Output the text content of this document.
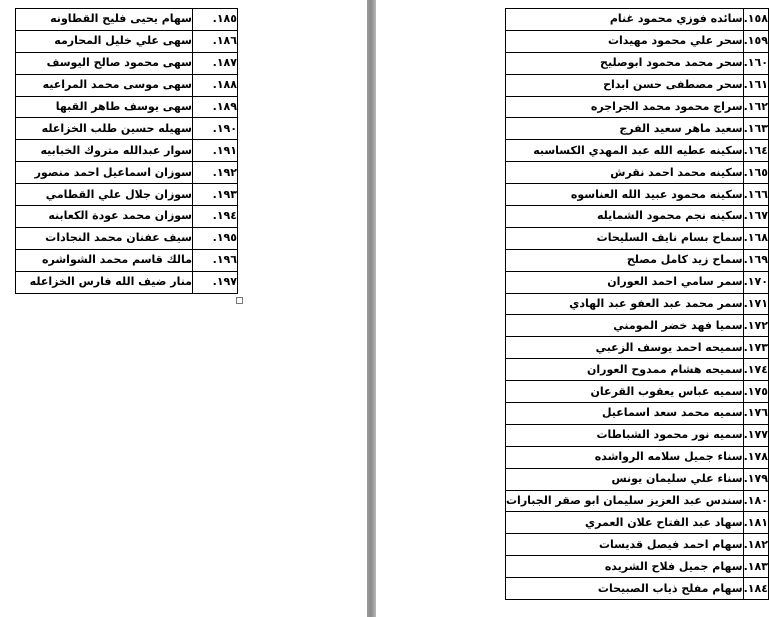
١٨٥.	سهام يحيى فليح القطاونه
١٨٦.	سهى علي خليل المحارمه
١٨٧.	سهى محمود صالح اليوسف
١٨٨.	سهى موسى محمد المراعيه
١٨٩.	سهى يوسف طاهر القبها
١٩٠.	سهيله حسين طلب الخزاعله
١٩١.	سوار عبدالله متروك الخبابيه
١٩٢.	سوزان اسماعيل احمد منصور
١٩٣.	سوزان جلال علي القطامي
١٩٤.	سوزان محمد عودة الكعابنه
١٩٥.	سيف عفنان محمد النجادات
١٩٦.	مالك قاسم محمد الشواشره
١٩٧.	منار ضيف الله فارس الخزاعله
١٥٨.	سائده فوزي محمود غنام
١٥٩.	سحر علي محمود مهيدات
١٦٠.	سحر محمد محمود ابوصليح
١٦١.	سحر مصطفى حسن ابداح
١٦٢.	سراج محمود محمد الجراجره
١٦٣.	سعيد ماهر سعيد الفرج
١٦٤.	سكينه عطيه الله عبد المهدي الكساسبه
١٦٥.	سكينه محمد احمد نقرش
١٦٦.	سكينه محمود عبيد الله العناسوه
١٦٧.	سكينه نجم محمود الشمايله
١٦٨.	سماح بسام نايف السليحات
١٦٩.	سماح زيد كامل مصلح
١٧٠.	سمر سامي احمد العوران
١٧١.	سمر محمد عبد العفو عبد الهادي
١٧٢.	سميا فهد خضر المومني
١٧٣.	سميحه احمد يوسف الزعبي
١٧٤.	سميحه هشام ممدوح العوران
١٧٥.	سميه عباس يعقوب القرعان
١٧٦.	سميه محمد سعد اسماعيل
١٧٧.	سميه نور محمود الشباطات
١٧٨.	سناء جميل سلامه الرواشده
١٧٩.	سناء علي سليمان يونس
١٨٠.	سندس عبد العزيز سليمان ابو صقر الجبارات
١٨١.	سهاد عبد الفتاح علان العمري
١٨٢.	سهام احمد فيصل قديسات
١٨٣.	سهام جميل فلاح الشريده
١٨٤.	سهام مفلح ذياب الصبيحات
